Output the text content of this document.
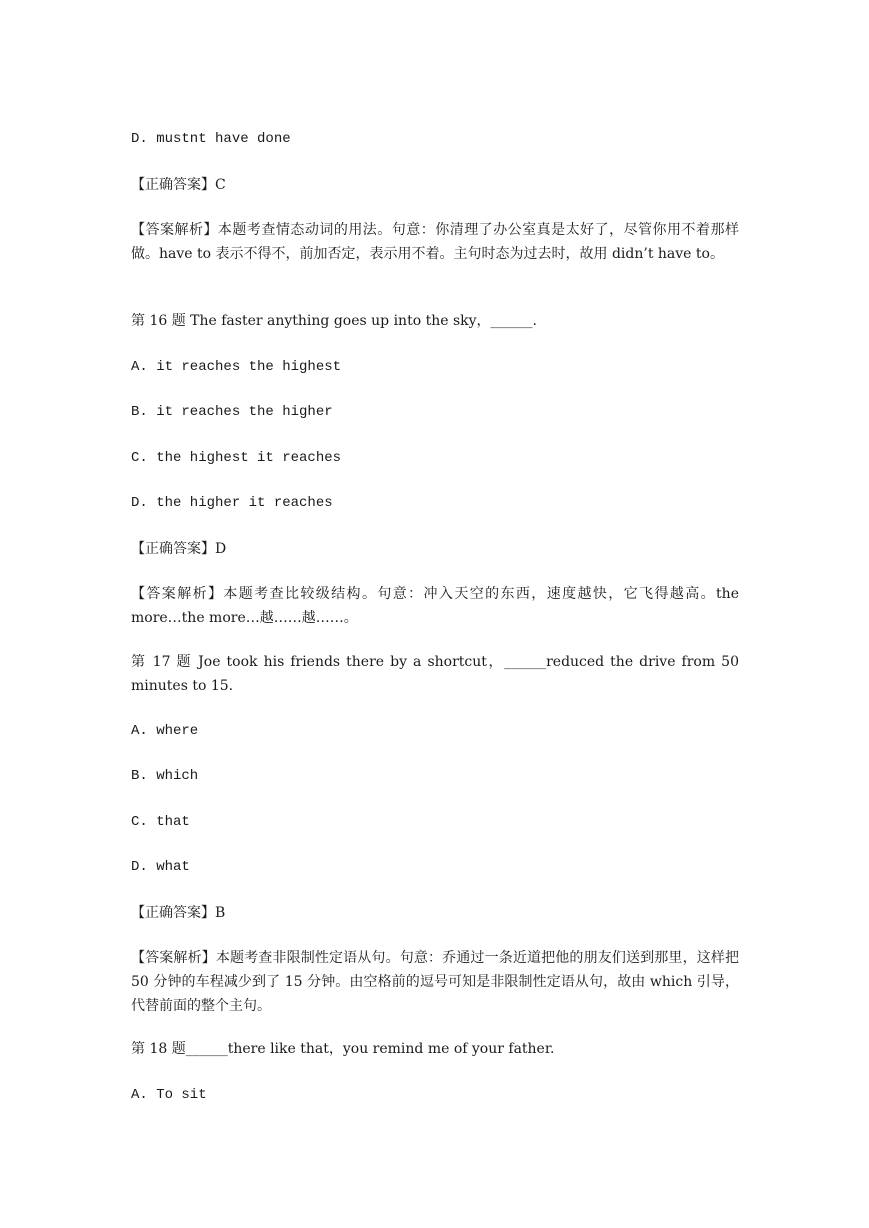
D. mustnt have done
【正确答案】C
【答案解析】本题考查情态动词的用法。句意：你清理了办公室真是太好了，尽管你用不着那样做。have to 表示不得不，前加否定，表示用不着。主句时态为过去时，故用 didn’t have to。
第 16 题 The faster anything goes up into the sky，______.
A. it reaches the highest
B. it reaches the higher
C. the highest it reaches
D. the higher it reaches
【正确答案】D
【答案解析】本题考查比较级结构。句意：冲入天空的东西，速度越快，它飞得越高。the more…the more…越……越……。
第 17 题 Joe took his friends there by a shortcut，______reduced the drive from 50 minutes to 15.
A. where
B. which
C. that
D. what
【正确答案】B
【答案解析】本题考查非限制性定语从句。句意：乔通过一条近道把他的朋友们送到那里，这样把 50 分钟的车程减少到了 15 分钟。由空格前的逗号可知是非限制性定语从句，故由 which 引导，代替前面的整个主句。
第 18 题______there like that，you remind me of your father.
A. To sit
